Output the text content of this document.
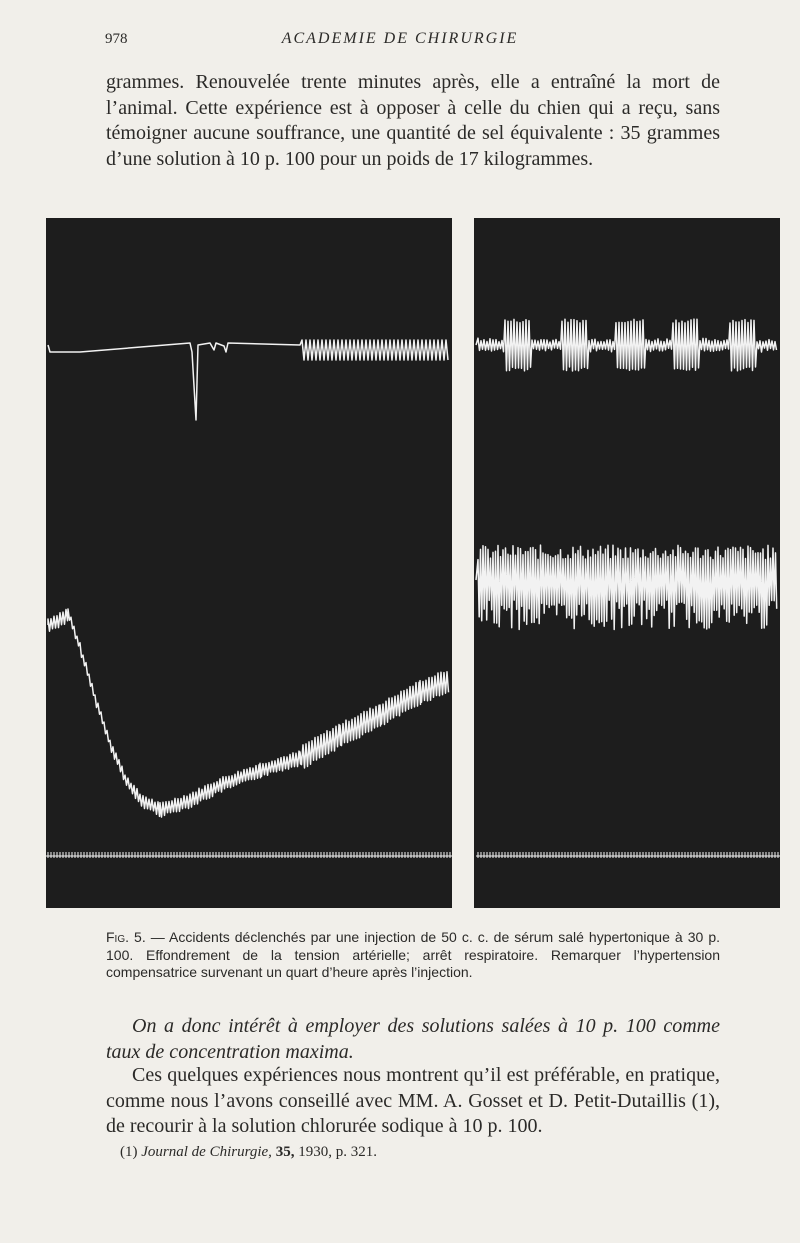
978	ACADEMIE DE CHIRURGIE

grammes. Renouvelée trente minutes après, elle a entraîné la mort de l’animal. Cette expérience est à opposer à celle du chien qui a reçu, sans témoigner aucune souffrance, une quantité de sel équivalente : 35 grammes d’une solution à 10 p. 100 pour un poids de 17 kilogrammes.

Fig. 5. — Accidents déclenchés par une injection de 50 c. c. de sérum salé hypertonique à 30 p. 100. Effondrement de la tension artérielle; arrêt respiratoire. Remarquer l’hypertension compensatrice survenant un quart d’heure après l’injection.

On a donc intérêt à employer des solutions salées à 10 p. 100 comme taux de concentration maxima.

Ces quelques expériences nous montrent qu’il est préférable, en pratique, comme nous l’avons conseillé avec MM. A. Gosset et D. Petit-Dutaillis (1), de recourir à la solution chlorurée sodique à 10 p. 100.

(1) Journal de Chirurgie, 35, 1930, p. 321.
